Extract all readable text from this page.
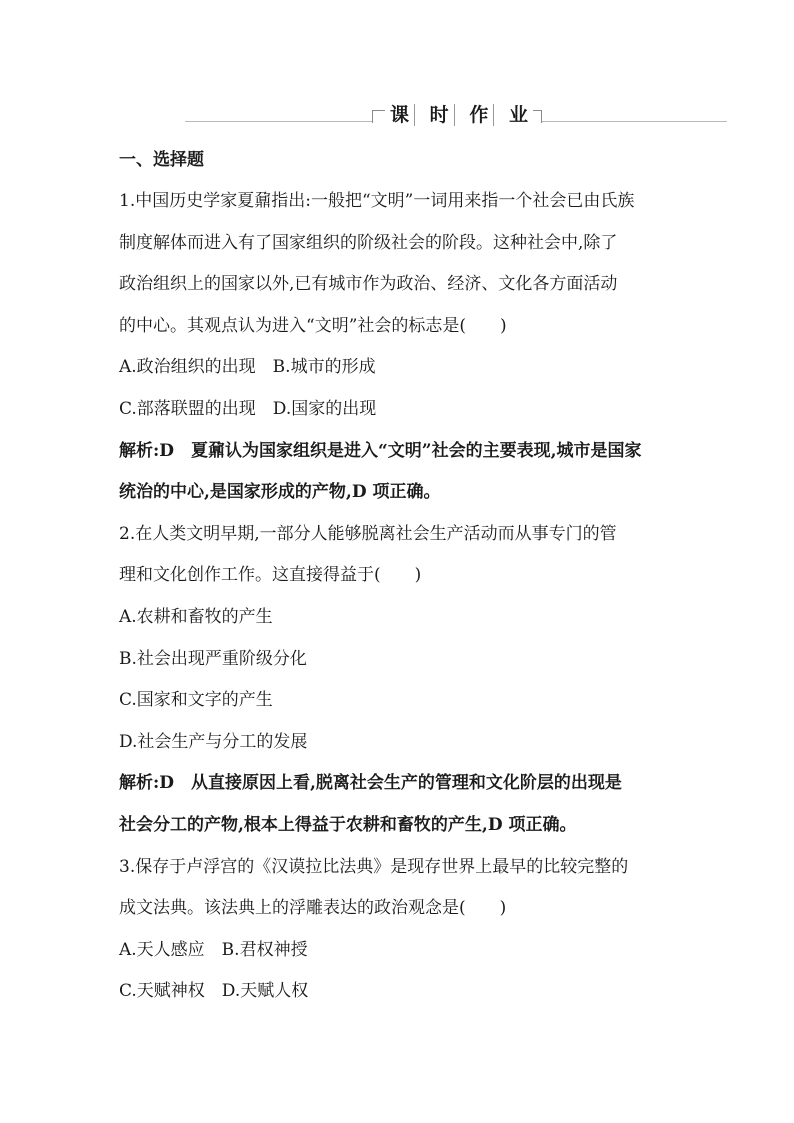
课	时	作	业
一、选择题
1.中国历史学家夏鼐指出:一般把“文明”一词用来指一个社会已由氏族
制度解体而进入有了国家组织的阶级社会的阶段。这种社会中,除了
政治组织上的国家以外,已有城市作为政治、经济、文化各方面活动
的中心。其观点认为进入“文明”社会的标志是(　　)
A.政治组织的出现　B.城市的形成
C.部落联盟的出现　D.国家的出现
解析:D　夏鼐认为国家组织是进入“文明”社会的主要表现,城市是国家
统治的中心,是国家形成的产物,D 项正确。
2.在人类文明早期,一部分人能够脱离社会生产活动而从事专门的管
理和文化创作工作。这直接得益于(　　)
A.农耕和畜牧的产生
B.社会出现严重阶级分化
C.国家和文字的产生
D.社会生产与分工的发展
解析:D　从直接原因上看,脱离社会生产的管理和文化阶层的出现是
社会分工的产物,根本上得益于农耕和畜牧的产生,D 项正确。
3.保存于卢浮宫的《汉谟拉比法典》是现存世界上最早的比较完整的
成文法典。该法典上的浮雕表达的政治观念是(　　)
A.天人感应　B.君权神授
C.天赋神权　D.天赋人权
